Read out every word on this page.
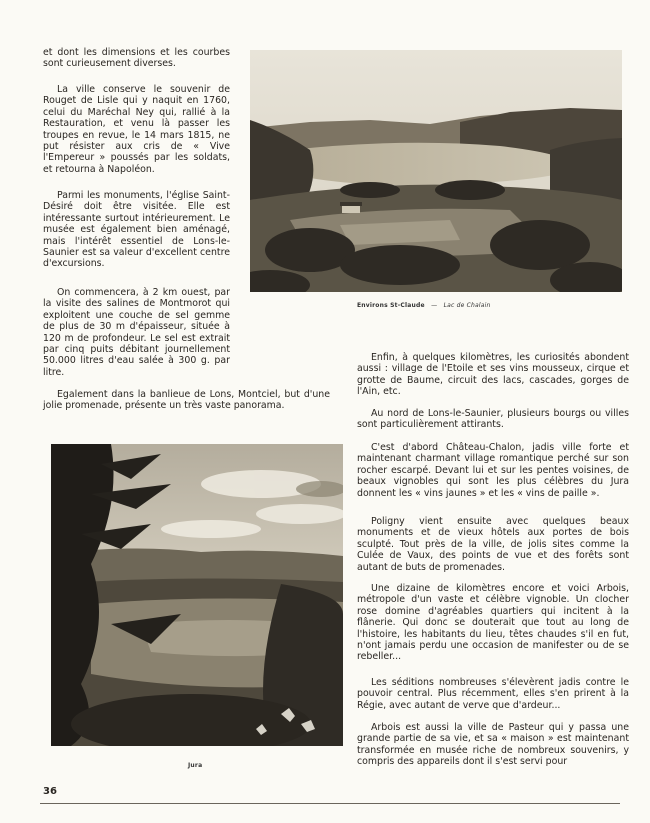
et dont les dimensions et les courbes sont curieusement diverses.

La ville conserve le souvenir de Rouget de Lisle qui y naquit en 1760, celui du Maréchal Ney qui, rallié à la Restauration, et venu là passer les troupes en revue, le 14 mars 1815, ne put résister aux cris de « Vive l'Empereur » poussés par les soldats, et retourna à Napoléon.

Parmi les monuments, l'église Saint-Désiré doit être visitée. Elle est intéressante surtout intérieurement. Le musée est également bien aménagé, mais l'intérêt essentiel de Lons-le-Saunier est sa valeur d'excellent centre d'excursions.

On commencera, à 2 km ouest, par la visite des salines de Montmorot qui exploitent une couche de sel gemme de plus de 30 m d'épaisseur, située à 120 m de profondeur. Le sel est extrait par cinq puits débitant journellement 50.000 litres d'eau salée à 300 g. par litre.

Egalement dans la banlieue de Lons, Montciel, but d'une jolie promenade, présente un très vaste panorama.

Environs St-Claude — Lac de Chalain
Jura

Enfin, à quelques kilomètres, les curiosités abondent aussi : village de l'Etoile et ses vins mousseux, cirque et grotte de Baume, circuit des lacs, cascades, gorges de l'Ain, etc.

Au nord de Lons-le-Saunier, plusieurs bourgs ou villes sont particulièrement attirants.

C'est d'abord Château-Chalon, jadis ville forte et maintenant charmant village romantique perché sur son rocher escarpé. Devant lui et sur les pentes voisines, de beaux vignobles qui sont les plus célèbres du Jura donnent les « vins jaunes » et les « vins de paille ».

Poligny vient ensuite avec quelques beaux monuments et de vieux hôtels aux portes de bois sculpté. Tout près de la ville, de jolis sites comme la Culée de Vaux, des points de vue et des forêts sont autant de buts de promenades.

Une dizaine de kilomètres encore et voici Arbois, métropole d'un vaste et célèbre vignoble. Un clocher rose domine d'agréables quartiers qui incitent à la flânerie. Qui donc se douterait que tout au long de l'histoire, les habitants du lieu, têtes chaudes s'il en fut, n'ont jamais perdu une occasion de manifester ou de se rebeller...

Les séditions nombreuses s'élevèrent jadis contre le pouvoir central. Plus récemment, elles s'en prirent à la Régie, avec autant de verve que d'ardeur...

Arbois est aussi la ville de Pasteur qui y passa une grande partie de sa vie, et sa « maison » est maintenant transformée en musée riche de nombreux souvenirs, y compris des appareils dont il s'est servi pour

36
